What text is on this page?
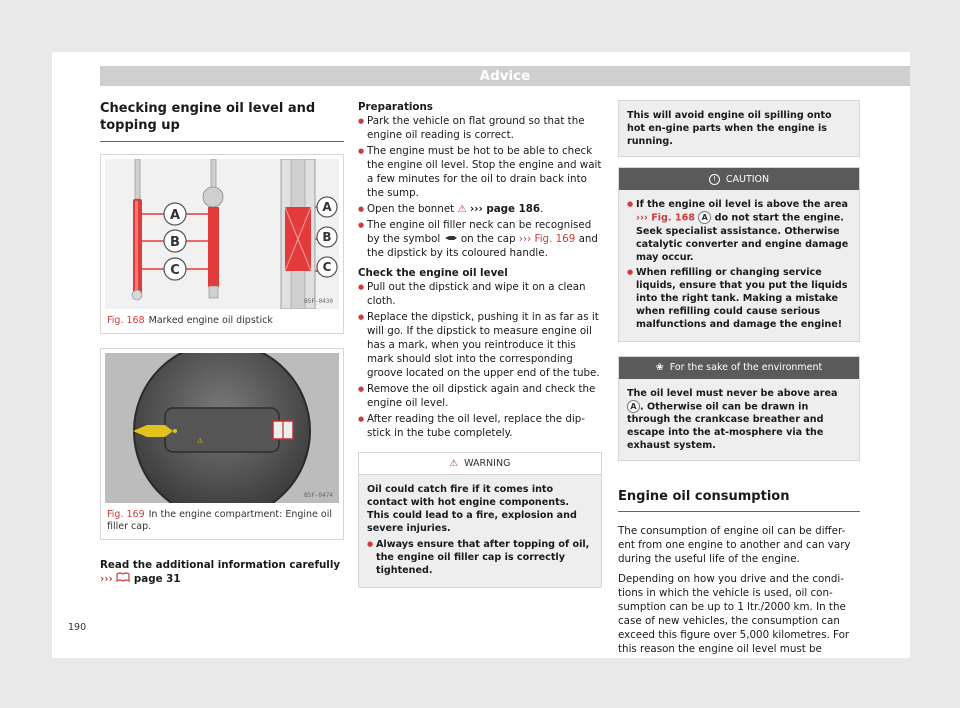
Advice
Checking engine oil level and topping up
A
B
C
A
B
C
B5F-0430
Fig. 168 Marked engine oil dipstick
⚠
B5F-0474
Fig. 169 In the engine compartment: Engine oil filler cap.

Read the additional information carefully
››› page 31

Preparations

● Park the vehicle on flat ground so that the engine oil reading is correct.
● The engine must be hot to be able to check the engine oil level. Stop the engine and wait a few minutes for the oil to drain back into the sump.
● Open the bonnet ⚠ ››› page 186.
● The engine oil filler neck can be recognised by the symbol on the cap ››› Fig. 169 and the dipstick by its coloured handle.

Check the engine oil level

● Pull out the dipstick and wipe it on a clean cloth.
● Replace the dipstick, pushing it in as far as it will go. If the dipstick to measure engine oil has a mark, when you reintroduce it this mark should slot into the corresponding groove located on the upper end of the tube.
● Remove the oil dipstick again and check the engine oil level.
● After reading the oil level, replace the dip-stick in the tube completely.
⚠ WARNING

Oil could catch fire if it comes into contact with hot engine components. This could lead to a fire, explosion and severe injuries.

● Always ensure that after topping of oil, the engine oil filler cap is correctly tightened.
This will avoid engine oil spilling onto hot en-gine parts when the engine is running.
!	CAUTION
● If the engine oil level is above the area ››› Fig. 168 A do not start the engine. Seek specialist assistance. Otherwise catalytic converter and engine damage may occur.
● When refilling or changing service liquids, ensure that you put the liquids into the right tank. Making a mistake when refilling could cause serious malfunctions and damage the engine!
❀ For the sake of the environment
The oil level must never be above area A . Otherwise oil can be drawn in through the crankcase breather and escape into the at-mosphere via the exhaust system.
Engine oil consumption

The consumption of engine oil can be differ-ent from one engine to another and can vary during the useful life of the engine.

Depending on how you drive and the condi-tions in which the vehicle is used, oil con-sumption can be up to 1 ltr./2000 km. In the case of new vehicles, the consumption can exceed this figure over 5,000 kilometres. For this reason the engine oil level must be

190
